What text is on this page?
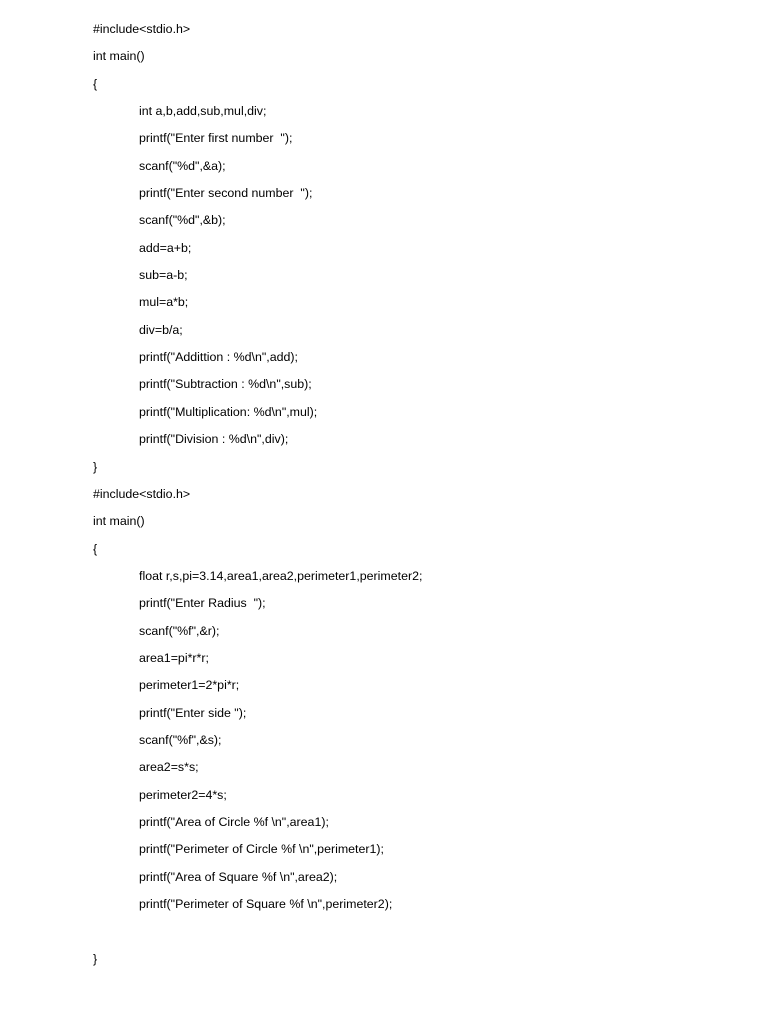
#include<stdio.h>
int main()
{
int a,b,add,sub,mul,div;
printf("Enter first number  ");
scanf("%d",&a);
printf("Enter second number  ");
scanf("%d",&b);
add=a+b;
sub=a-b;
mul=a*b;
div=b/a;
printf("Addittion : %d\n",add);
printf("Subtraction : %d\n",sub);
printf("Multiplication: %d\n",mul);
printf("Division : %d\n",div);
}
#include<stdio.h>
int main()
{
float r,s,pi=3.14,area1,area2,perimeter1,perimeter2;
printf("Enter Radius  ");
scanf("%f",&r);
area1=pi*r*r;
perimeter1=2*pi*r;
printf("Enter side ");
scanf("%f",&s);
area2=s*s;
perimeter2=4*s;
printf("Area of Circle %f \n",area1);
printf("Perimeter of Circle %f \n",perimeter1);
printf("Area of Square %f \n",area2);
printf("Perimeter of Square %f \n",perimeter2);
}
